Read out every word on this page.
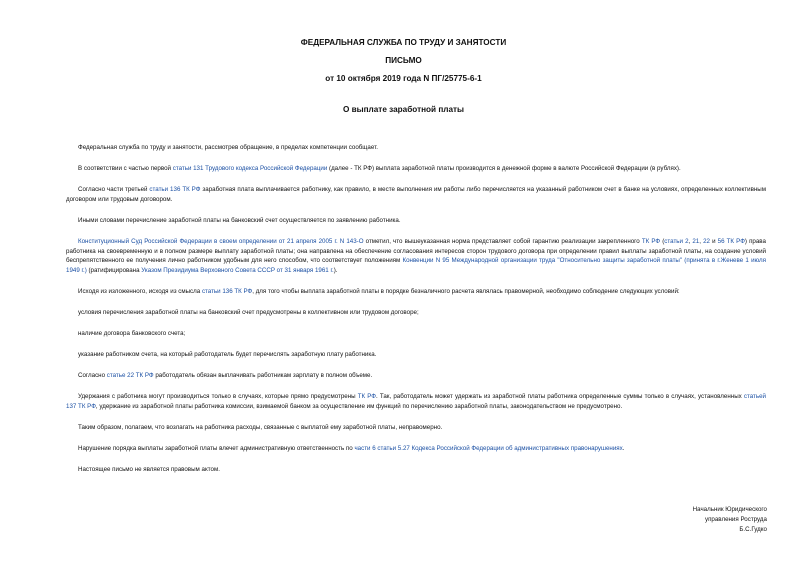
ФЕДЕРАЛЬНАЯ СЛУЖБА ПО ТРУДУ И ЗАНЯТОСТИ
ПИСЬМО
от 10 октября 2019 года N ПГ/25775-6-1
О выплате заработной платы

Федеральная служба по труду и занятости, рассмотрев обращение, в пределах компетенции сообщает.

В соответствии с частью первой статьи 131 Трудового кодекса Российской Федерации (далее - ТК РФ) выплата заработной платы производится в денежной форме в валюте Российской Федерации (в рублях).

Согласно части третьей статьи 136 ТК РФ заработная плата выплачивается работнику, как правило, в месте выполнения им работы либо перечисляется на указанный работником счет в банке на условиях, определенных коллективным договором или трудовым договором.

Иными словами перечисление заработной платы на банковский счет осуществляется по заявлению работника.

Конституционный Суд Российской Федерации в своем определении от 21 апреля 2005 г. N 143-О отметил, что вышеуказанная норма представляет собой гарантию реализации закрепленного ТК РФ (статьи 2, 21, 22 и 56 ТК РФ) права работника на своевременную и в полном размере выплату заработной платы; она направлена на обеспечение согласования интересов сторон трудового договора при определении правил выплаты заработной платы, на создание условий беспрепятственного ее получения лично работником удобным для него способом, что соответствует положениям Конвенции N 95 Международной организации труда "Относительно защиты заработной платы" (принята в г.Женеве 1 июля 1949 г.) (ратифицирована Указом Президиума Верховного Совета СССР от 31 января 1961 г.).

Исходя из изложенного, исходя из смысла статьи 136 ТК РФ, для того чтобы выплата заработной платы в порядке безналичного расчета являлась правомерной, необходимо соблюдение следующих условий:

условия перечисления заработной платы на банковский счет предусмотрены в коллективном или трудовом договоре;

наличие договора банковского счета;

указание работником счета, на который работодатель будет перечислять заработную плату работника.

Согласно статье 22 ТК РФ работодатель обязан выплачивать работникам зарплату в полном объеме.

Удержания с работника могут производиться только в случаях, которые прямо предусмотрены ТК РФ. Так, работодатель может удержать из заработной платы работника определенные суммы только в случаях, установленных статьей 137 ТК РФ, удержание из заработной платы работника комиссии, взимаемой банком за осуществление им функций по перечислению заработной платы, законодательством не предусмотрено.

Таким образом, полагаем, что возлагать на работника расходы, связанные с выплатой ему заработной платы, неправомерно.

Нарушение порядка выплаты заработной платы влечет административную ответственность по части 6 статьи 5.27 Кодекса Российской Федерации об административных правонарушениях.

Настоящее письмо не является правовым актом.

Начальник Юридического
управления Роструда
Б.С.Гудко
